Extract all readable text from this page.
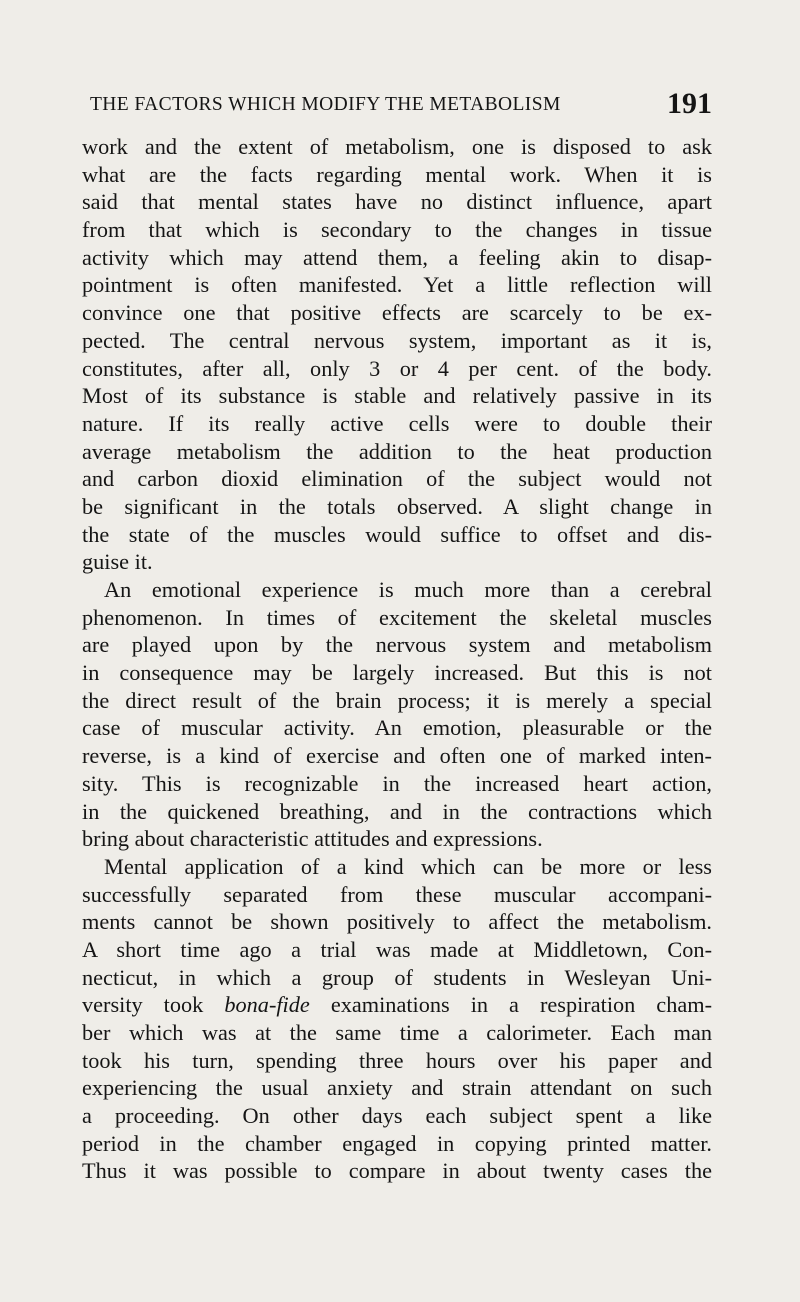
THE FACTORS WHICH MODIFY THE METABOLISM	191
work and the extent of metabolism, one is disposed to ask
what are the facts regarding mental work. When it is
said that mental states have no distinct influence, apart
from that which is secondary to the changes in tissue
activity which may attend them, a feeling akin to disap-
pointment is often manifested. Yet a little reflection will
convince one that positive effects are scarcely to be ex-
pected. The central nervous system, important as it is,
constitutes, after all, only 3 or 4 per cent. of the body.
Most of its substance is stable and relatively passive in its
nature. If its really active cells were to double their
average metabolism the addition to the heat production
and carbon dioxid elimination of the subject would not
be significant in the totals observed. A slight change in
the state of the muscles would suffice to offset and dis-
guise it.
An emotional experience is much more than a cerebral
phenomenon. In times of excitement the skeletal muscles
are played upon by the nervous system and metabolism
in consequence may be largely increased. But this is not
the direct result of the brain process; it is merely a special
case of muscular activity. An emotion, pleasurable or the
reverse, is a kind of exercise and often one of marked inten-
sity. This is recognizable in the increased heart action,
in the quickened breathing, and in the contractions which
bring about characteristic attitudes and expressions.
Mental application of a kind which can be more or less
successfully separated from these muscular accompani-
ments cannot be shown positively to affect the metabolism.
A short time ago a trial was made at Middletown, Con-
necticut, in which a group of students in Wesleyan Uni-
versity took bona-fide examinations in a respiration cham-
ber which was at the same time a calorimeter. Each man
took his turn, spending three hours over his paper and
experiencing the usual anxiety and strain attendant on such
a proceeding. On other days each subject spent a like
period in the chamber engaged in copying printed matter.
Thus it was possible to compare in about twenty cases the
